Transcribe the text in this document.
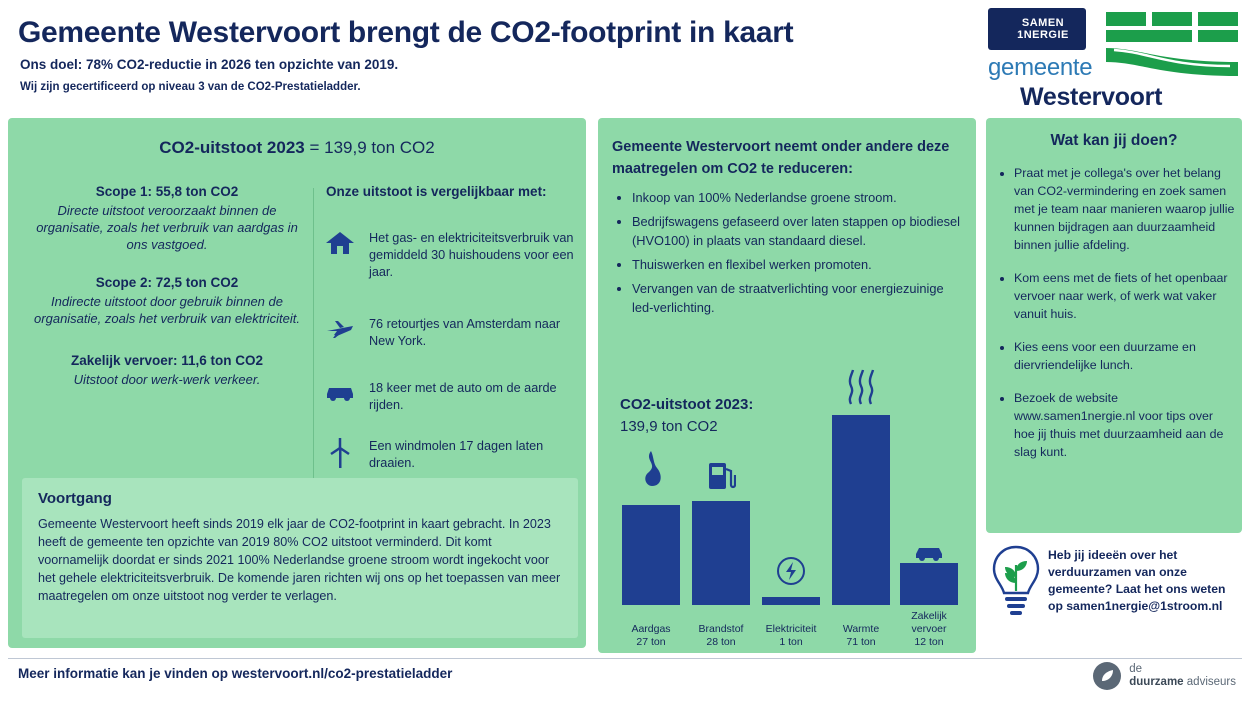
Gemeente Westervoort brengt de CO2-footprint in kaart
Ons doel: 78% CO2-reductie in 2026 ten opzichte van 2019.
Wij zijn gecertificeerd op niveau 3 van de CO2-Prestatieladder.
SAMEN
1NERGIE
gemeente
Westervoort
CO2-uitstoot 2023 = 139,9 ton CO2
Scope 1: 55,8 ton CO2
Directe uitstoot veroorzaakt binnen de organisatie, zoals het verbruik van aardgas in ons vastgoed.
Scope 2: 72,5 ton CO2
Indirecte uitstoot door gebruik binnen de organisatie, zoals het verbruik van elektriciteit.
Zakelijk vervoer: 11,6 ton CO2
Uitstoot door werk-werk verkeer.
Onze uitstoot is vergelijkbaar met:
Het gas- en elektriciteitsverbruik van gemiddeld 30 huishoudens voor een jaar.
76 retourtjes van Amsterdam naar New York.
18 keer met de auto om de aarde rijden.
Een windmolen 17 dagen laten draaien.
Voortgang
Gemeente Westervoort heeft sinds 2019 elk jaar de CO2-footprint in kaart gebracht. In 2023 heeft de gemeente ten opzichte van 2019 80% CO2 uitstoot verminderd. Dit komt voornamelijk doordat er sinds 2021 100% Nederlandse groene stroom wordt ingekocht voor het gehele elektriciteitsverbruik. De komende jaren richten wij ons op het toepassen van meer maatregelen om onze uitstoot nog verder te verlagen.
Gemeente Westervoort neemt onder andere deze maatregelen om CO2 te reduceren:
• Inkoop van 100% Nederlandse groene stroom.
• Bedrijfswagens gefaseerd over laten stappen op biodiesel (HVO100) in plaats van standaard diesel.
• Thuiswerken en flexibel werken promoten.
• Vervangen van de straatverlichting voor energiezuinige led-verlichting.
CO2-uitstoot 2023:
139,9 ton CO2
Aardgas
27 ton
Brandstof
28 ton
Elektriciteit
1 ton
Warmte
71 ton
Zakelijk vervoer
12 ton
Wat kan jij doen?
• Praat met je collega's over het belang van CO2-vermindering en zoek samen met je team naar manieren waarop jullie kunnen bijdragen aan duurzaamheid binnen jullie afdeling.
• Kom eens met de fiets of het openbaar vervoer naar werk, of werk wat vaker vanuit huis.
• Kies eens voor een duurzame en diervriendelijke lunch.
• Bezoek de website www.samen1nergie.nl voor tips over hoe jij thuis met duurzaamheid aan de slag kunt.
Heb jij ideeën over het verduurzamen van onze gemeente? Laat het ons weten op samen1nergie@1stroom.nl
Meer informatie kan je vinden op westervoort.nl/co2-prestatieladder	de
duurzame adviseurs
